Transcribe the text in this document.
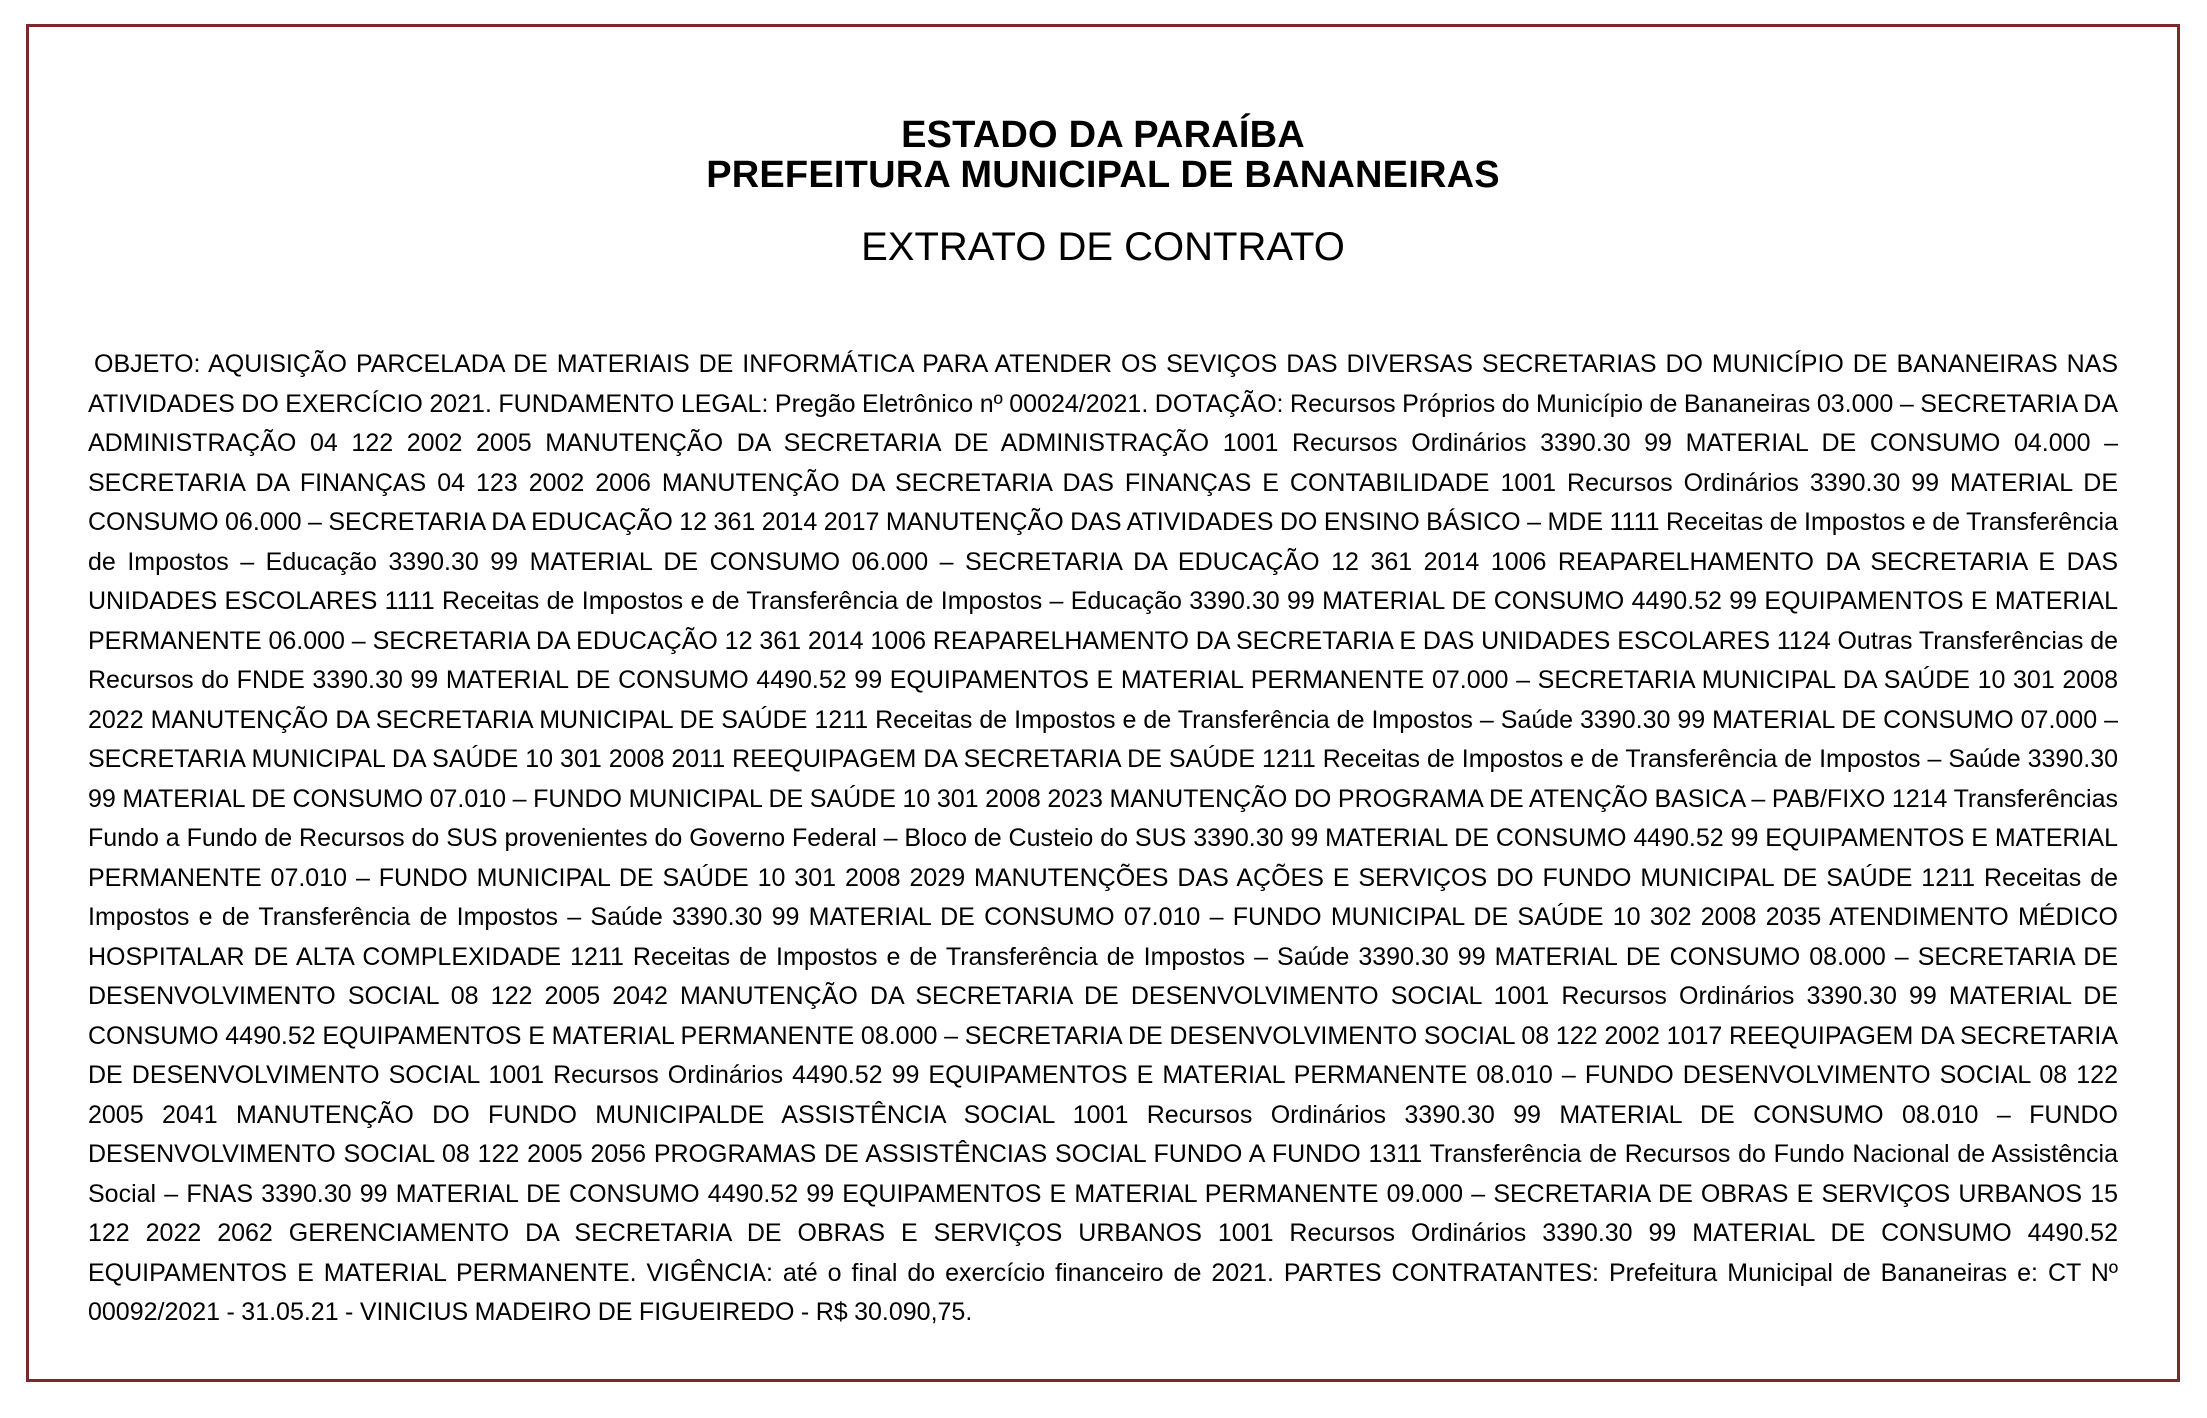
ESTADO DA PARAÍBA
PREFEITURA MUNICIPAL DE BANANEIRAS
EXTRATO DE CONTRATO
OBJETO: AQUISIÇÃO PARCELADA DE MATERIAIS DE INFORMÁTICA PARA ATENDER OS SEVIÇOS DAS DIVERSAS SECRETARIAS DO MUNICÍPIO DE BANANEIRAS NAS ATIVIDADES DO EXERCÍCIO 2021. FUNDAMENTO LEGAL: Pregão Eletrônico nº 00024/2021. DOTAÇÃO: Recursos Próprios do Município de Bananeiras 03.000 – SECRETARIA DA ADMINISTRAÇÃO 04 122 2002 2005 MANUTENÇÃO DA SECRETARIA DE ADMINISTRAÇÃO 1001 Recursos Ordinários 3390.30 99 MATERIAL DE CONSUMO 04.000 – SECRETARIA DA FINANÇAS 04 123 2002 2006 MANUTENÇÃO DA SECRETARIA DAS FINANÇAS E CONTABILIDADE 1001 Recursos Ordinários 3390.30 99 MATERIAL DE CONSUMO 06.000 – SECRETARIA DA EDUCAÇÃO 12 361 2014 2017 MANUTENÇÃO DAS ATIVIDADES DO ENSINO BÁSICO – MDE 1111 Receitas de Impostos e de Transferência de Impostos – Educação 3390.30 99 MATERIAL DE CONSUMO 06.000 – SECRETARIA DA EDUCAÇÃO 12 361 2014 1006 REAPARELHAMENTO DA SECRETARIA E DAS UNIDADES ESCOLARES 1111 Receitas de Impostos e de Transferência de Impostos – Educação 3390.30 99 MATERIAL DE CONSUMO 4490.52 99 EQUIPAMENTOS E MATERIAL PERMANENTE 06.000 – SECRETARIA DA EDUCAÇÃO 12 361 2014 1006 REAPARELHAMENTO DA SECRETARIA E DAS UNIDADES ESCOLARES 1124 Outras Transferências de Recursos do FNDE 3390.30 99 MATERIAL DE CONSUMO 4490.52 99 EQUIPAMENTOS E MATERIAL PERMANENTE 07.000 – SECRETARIA MUNICIPAL DA SAÚDE 10 301 2008 2022 MANUTENÇÃO DA SECRETARIA MUNICIPAL DE SAÚDE 1211 Receitas de Impostos e de Transferência de Impostos – Saúde 3390.30 99 MATERIAL DE CONSUMO 07.000 – SECRETARIA MUNICIPAL DA SAÚDE 10 301 2008 2011 REEQUIPAGEM DA SECRETARIA DE SAÚDE 1211 Receitas de Impostos e de Transferência de Impostos – Saúde 3390.30 99 MATERIAL DE CONSUMO 07.010 – FUNDO MUNICIPAL DE SAÚDE 10 301 2008 2023 MANUTENÇÃO DO PROGRAMA DE ATENÇÃO BASICA – PAB/FIXO 1214 Transferências Fundo a Fundo de Recursos do SUS provenientes do Governo Federal – Bloco de Custeio do SUS 3390.30 99 MATERIAL DE CONSUMO 4490.52 99 EQUIPAMENTOS E MATERIAL PERMANENTE 07.010 – FUNDO MUNICIPAL DE SAÚDE 10 301 2008 2029 MANUTENÇÕES DAS AÇÕES E SERVIÇOS DO FUNDO MUNICIPAL DE SAÚDE 1211 Receitas de Impostos e de Transferência de Impostos – Saúde 3390.30 99 MATERIAL DE CONSUMO 07.010 – FUNDO MUNICIPAL DE SAÚDE 10 302 2008 2035 ATENDIMENTO MÉDICO HOSPITALAR DE ALTA COMPLEXIDADE 1211 Receitas de Impostos e de Transferência de Impostos – Saúde 3390.30 99 MATERIAL DE CONSUMO 08.000 – SECRETARIA DE DESENVOLVIMENTO SOCIAL 08 122 2005 2042 MANUTENÇÃO DA SECRETARIA DE DESENVOLVIMENTO SOCIAL 1001 Recursos Ordinários 3390.30 99 MATERIAL DE CONSUMO 4490.52 EQUIPAMENTOS E MATERIAL PERMANENTE 08.000 – SECRETARIA DE DESENVOLVIMENTO SOCIAL 08 122 2002 1017 REEQUIPAGEM DA SECRETARIA DE DESENVOLVIMENTO SOCIAL 1001 Recursos Ordinários 4490.52 99 EQUIPAMENTOS E MATERIAL PERMANENTE 08.010 – FUNDO DESENVOLVIMENTO SOCIAL 08 122 2005 2041 MANUTENÇÃO DO FUNDO MUNICIPALDE ASSISTÊNCIA SOCIAL 1001 Recursos Ordinários 3390.30 99 MATERIAL DE CONSUMO 08.010 – FUNDO DESENVOLVIMENTO SOCIAL 08 122 2005 2056 PROGRAMAS DE ASSISTÊNCIAS SOCIAL FUNDO A FUNDO 1311 Transferência de Recursos do Fundo Nacional de Assistência Social – FNAS 3390.30 99 MATERIAL DE CONSUMO 4490.52 99 EQUIPAMENTOS E MATERIAL PERMANENTE 09.000 – SECRETARIA DE OBRAS E SERVIÇOS URBANOS 15 122 2022 2062 GERENCIAMENTO DA SECRETARIA DE OBRAS E SERVIÇOS URBANOS 1001 Recursos Ordinários 3390.30 99 MATERIAL DE CONSUMO 4490.52 EQUIPAMENTOS E MATERIAL PERMANENTE. VIGÊNCIA: até o final do exercício financeiro de 2021. PARTES CONTRATANTES: Prefeitura Municipal de Bananeiras e: CT Nº 00092/2021 - 31.05.21 - VINICIUS MADEIRO DE FIGUEIREDO - R$ 30.090,75.
